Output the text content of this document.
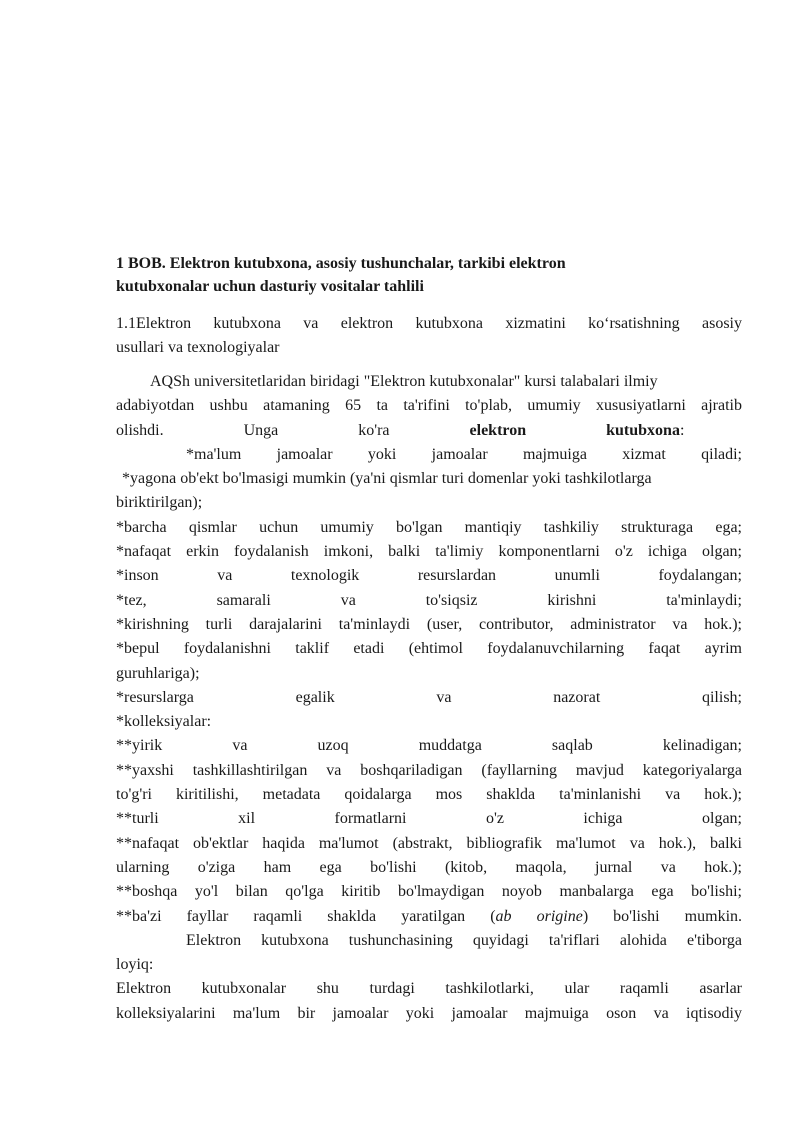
1 BOB. Elektron kutubxona, asosiy tushunchalar, tarkibi elektron
kutubxonalar uchun dasturiy vositalar tahlili
1.1Elektron kutubxona va elektron kutubxona xizmatini ko‘rsatishning asosiy
usullari va texnologiyalar
AQSh universitetlaridan biridagi "Elektron kutubxonalar" kursi talabalari ilmiy
adabiyotdan ushbu atamaning 65 ta ta'rifini to'plab, umumiy xususiyatlarni ajratib
olishdi.                    Unga                    ko'ra                    elektron                    kutubxona:
*ma'lum jamoalar yoki jamoalar majmuiga xizmat qiladi;
*yagona ob'ekt bo'lmasigi mumkin (ya'ni qismlar turi domenlar yoki tashkilotlarga
biriktirilgan);
*barcha qismlar uchun umumiy bo'lgan mantiqiy tashkiliy strukturaga ega;
*nafaqat erkin foydalanish imkoni, balki ta'limiy komponentlarni o'z ichiga olgan;
*inson va texnologik resurslardan unumli foydalangan;
*tez, samarali va to'siqsiz kirishni ta'minlaydi;
*kirishning turli darajalarini ta'minlaydi (user, contributor, administrator va hok.);
*bepul foydalanishni taklif etadi (ehtimol foydalanuvchilarning faqat ayrim
guruhlariga);
*resurslarga egalik va nazorat qilish;
*kolleksiyalar:
**yirik va uzoq muddatga saqlab kelinadigan;
**yaxshi tashkillashtirilgan va boshqariladigan (fayllarning mavjud kategoriyalarga
to'g'ri kiritilishi, metadata qoidalarga mos shaklda ta'minlanishi va hok.);
**turli xil formatlarni o'z ichiga olgan;
**nafaqat ob'ektlar haqida ma'lumot (abstrakt, bibliografik ma'lumot va hok.), balki
ularning o'ziga ham ega bo'lishi (kitob, maqola, jurnal va hok.);
**boshqa yo'l bilan qo'lga kiritib bo'lmaydigan noyob manbalarga ega bo'lishi;
**ba'zi fayllar raqamli shaklda yaratilgan (ab origine) bo'lishi mumkin.
Elektron kutubxona tushunchasining quyidagi ta'riflari alohida e'tiborga
loyiq:
Elektron kutubxonalar shu turdagi tashkilotlarki, ular raqamli asarlar
kolleksiyalarini ma'lum bir jamoalar yoki jamoalar majmuiga oson va iqtisodiy
